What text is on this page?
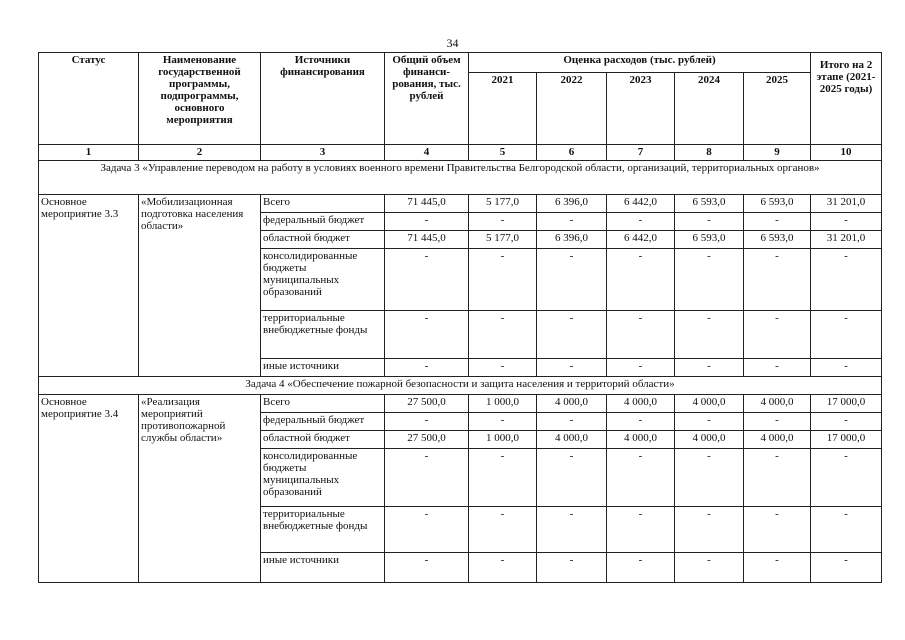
34
Статус	Наименование государственной программы, подпрограммы, основного мероприятия	Источники финансирования	Общий объем финанси-рования, тыс. рублей	Оценка расходов (тыс. рублей)					Итого на 2 этапе (2021-2025 годы)
				2021	2022	2023	2024	2025	
1	2	3	4	5	6	7	8	9	10
Задача 3 «Управление переводом на работу в условиях военного времени Правительства Белгородской области, организаций, территориальных органов»									
Основное мероприятие 3.3	«Мобилизационная подготовка населения области»	Всего	71 445,0	5 177,0	6 396,0	6 442,0	6 593,0	6 593,0	31 201,0
		федеральный бюджет	-	-	-	-	-	-	-
		областной бюджет	71 445,0	5 177,0	6 396,0	6 442,0	6 593,0	6 593,0	31 201,0
		консолидированные бюджеты муниципальных образований	-	-	-	-	-	-	-
		территориальные внебюджетные фонды	-	-	-	-	-	-	-
		иные источники	-	-	-	-	-	-	-
Задача 4 «Обеспечение пожарной безопасности и защита населения и территорий области»									
Основное мероприятие 3.4	«Реализация мероприятий противопожарной службы области»	Всего	27 500,0	1 000,0	4 000,0	4 000,0	4 000,0	4 000,0	17 000,0
		федеральный бюджет	-	-	-	-	-	-	-
		областной бюджет	27 500,0	1 000,0	4 000,0	4 000,0	4 000,0	4 000,0	17 000,0
		консолидированные бюджеты муниципальных образований	-	-	-	-	-	-	-
		территориальные внебюджетные фонды	-	-	-	-	-	-	-
		иные источники	-	-	-	-	-	-	-
